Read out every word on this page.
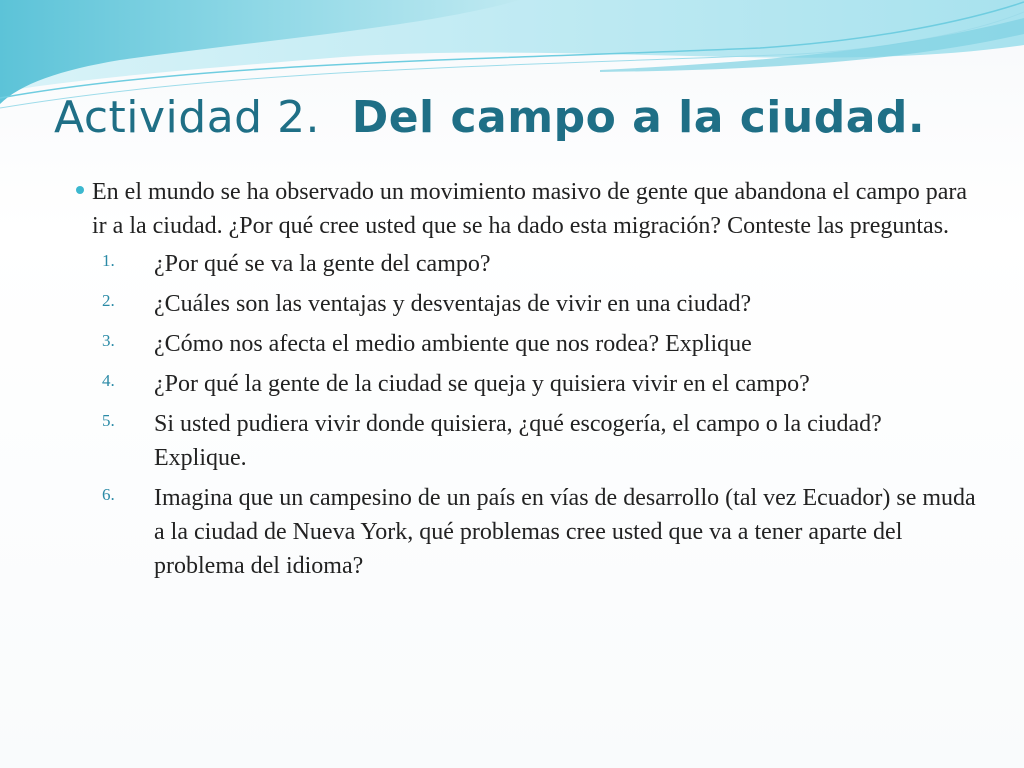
Actividad 2. Del campo a la ciudad.
En el mundo se ha observado un movimiento masivo de gente que abandona el campo para ir a la ciudad. ¿Por qué cree usted que se ha dado esta migración? Conteste las preguntas.
1. ¿Por qué se va la gente del campo?
2. ¿Cuáles son las ventajas y desventajas de vivir en una ciudad?
3. ¿Cómo nos afecta el medio ambiente que nos rodea? Explique
4. ¿Por qué la gente de la ciudad se queja y quisiera vivir en el campo?
5. Si usted pudiera vivir donde quisiera, ¿qué escogería, el campo o la ciudad? Explique.
6. Imagina que un campesino de un país en vías de desarrollo (tal vez Ecuador) se muda a la ciudad de Nueva York, qué problemas cree usted que va a tener aparte del problema del idioma?
